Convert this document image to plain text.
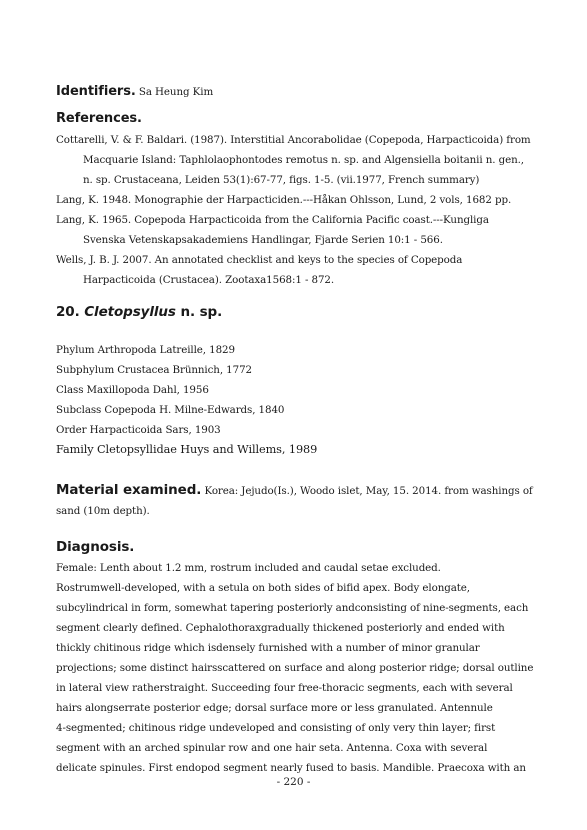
Identifiers. Sa Heung Kim
References.
Cottarelli, V. & F. Baldari. (1987). Interstitial Ancorabolidae (Copepoda, Harpacticoida) from
Macquarie Island: Taphlolaophontodes remotus n. sp. and Algensiella boitanii n. gen.,
n. sp. Crustaceana, Leiden 53(1):67-77, figs. 1-5. (vii.1977, French summary)
Lang, K. 1948. Monographie der Harpacticiden.---Håkan Ohlsson, Lund, 2 vols, 1682 pp.
Lang, K. 1965. Copepoda Harpacticoida from the California Pacific coast.---Kungliga
Svenska Vetenskapsakademiens Handlingar, Fjarde Serien 10:1 - 566.
Wells, J. B. J. 2007. An annotated checklist and keys to the species of Copepoda
Harpacticoida (Crustacea). Zootaxa1568:1 - 872.
20. Cletopsyllus n. sp.
Phylum Arthropoda Latreille, 1829
Subphylum Crustacea Brünnich, 1772
Class Maxillopoda Dahl, 1956
Subclass Copepoda H. Milne-Edwards, 1840
Order Harpacticoida Sars, 1903
Family Cletopsyllidae Huys and Willems, 1989
Material examined. Korea: Jejudo(Is.), Woodo islet, May, 15. 2014. from washings of
sand (10m depth).
Diagnosis.
Female: Lenth about 1.2 mm, rostrum included and caudal setae excluded.
Rostrumwell-developed, with a setula on both sides of bifid apex. Body elongate,
subcylindrical in form, somewhat tapering posteriorly andconsisting of nine-segments, each
segment clearly defined. Cephalothoraxgradually thickened posteriorly and ended with
thickly chitinous ridge which isdensely furnished with a number of minor granular
projections; some distinct hairsscattered on surface and along posterior ridge; dorsal outline
in lateral view ratherstraight. Succeeding four free-thoracic segments, each with several
hairs alongserrate posterior edge; dorsal surface more or less granulated. Antennule
4-segmented; chitinous ridge undeveloped and consisting of only very thin layer; first
segment with an arched spinular row and one hair seta. Antenna. Coxa with several
delicate spinules. First endopod segment nearly fused to basis. Mandible. Praecoxa with an
- 220 -
